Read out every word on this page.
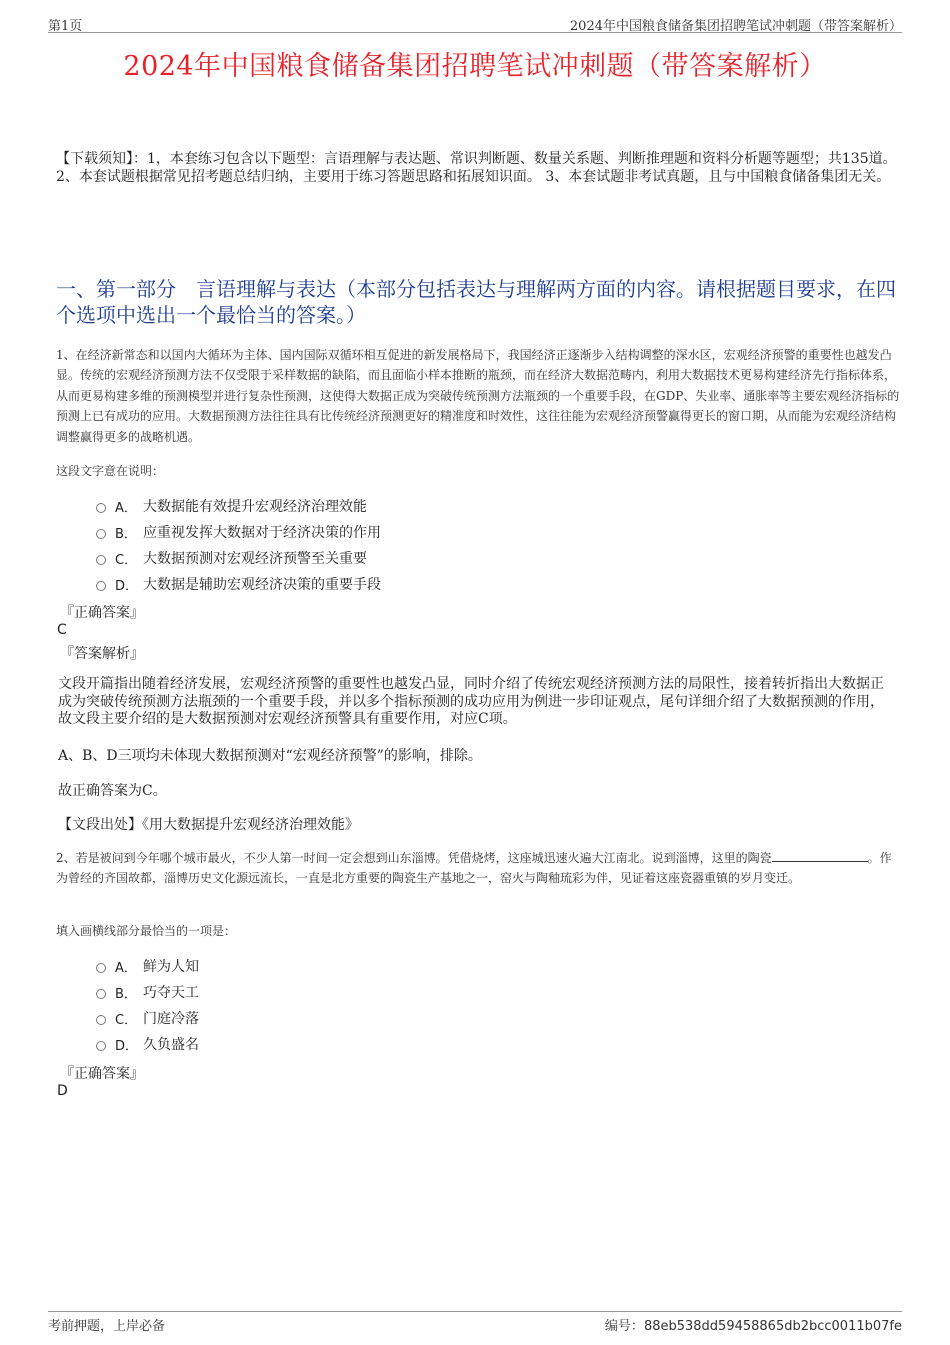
第1页	2024年中国粮食储备集团招聘笔试冲刺题（带答案解析）
2024年中国粮食储备集团招聘笔试冲刺题（带答案解析）
【下载须知】：1，本套练习包含以下题型：言语理解与表达题、常识判断题、数量关系题、判断推理题和资料分析题等题型；共135道。 2、本套试题根据常见招考题总结归纳，主要用于练习答题思路和拓展知识面。 3、本套试题非考试真题，且与中国粮食储备集团无关。
一、第一部分　言语理解与表达（本部分包括表达与理解两方面的内容。请根据题目要求，在四个选项中选出一个最恰当的答案。）
1、在经济新常态和以国内大循环为主体、国内国际双循环相互促进的新发展格局下，我国经济正逐渐步入结构调整的深水区，宏观经济预警的重要性也越发凸显。传统的宏观经济预测方法不仅受限于采样数据的缺陷，而且面临小样本推断的瓶颈，而在经济大数据范畴内，利用大数据技术更易构建经济先行指标体系，从而更易构建多维的预测模型并进行复杂性预测，这使得大数据正成为突破传统预测方法瓶颈的一个重要手段，在GDP、失业率、通胀率等主要宏观经济指标的预测上已有成功的应用。大数据预测方法往往具有比传统经济预测更好的精准度和时效性，这往往能为宏观经济预警赢得更长的窗口期，从而能为宏观经济结构调整赢得更多的战略机遇。
这段文字意在说明：
A． 大数据能有效提升宏观经济治理效能
B． 应重视发挥大数据对于经济决策的作用
C． 大数据预测对宏观经济预警至关重要
D． 大数据是辅助宏观经济决策的重要手段
『正确答案』
C
『答案解析』
文段开篇指出随着经济发展，宏观经济预警的重要性也越发凸显，同时介绍了传统宏观经济预测方法的局限性，接着转折指出大数据正成为突破传统预测方法瓶颈的一个重要手段，并以多个指标预测的成功应用为例进一步印证观点，尾句详细介绍了大数据预测的作用，故文段主要介绍的是大数据预测对宏观经济预警具有重要作用，对应C项。
A、B、D三项均未体现大数据预测对“宏观经济预警”的影响，排除。
故正确答案为C。
【文段出处】《用大数据提升宏观经济治理效能》
2、若是被问到今年哪个城市最火，不少人第一时间一定会想到山东淄博。凭借烧烤，这座城迅速火遍大江南北。说到淄博，这里的陶瓷	。作为曾经的齐国故都，淄博历史文化源远流长，一直是北方重要的陶瓷生产基地之一，窑火与陶釉琉彩为伴，见证着这座瓷器重镇的岁月变迁。
填入画横线部分最恰当的一项是：
A． 鲜为人知
B． 巧夺天工
C． 门庭冷落
D． 久负盛名
『正确答案』
D
考前押题，上岸必备	编号：88eb538dd59458865db2bcc0011b07fe
